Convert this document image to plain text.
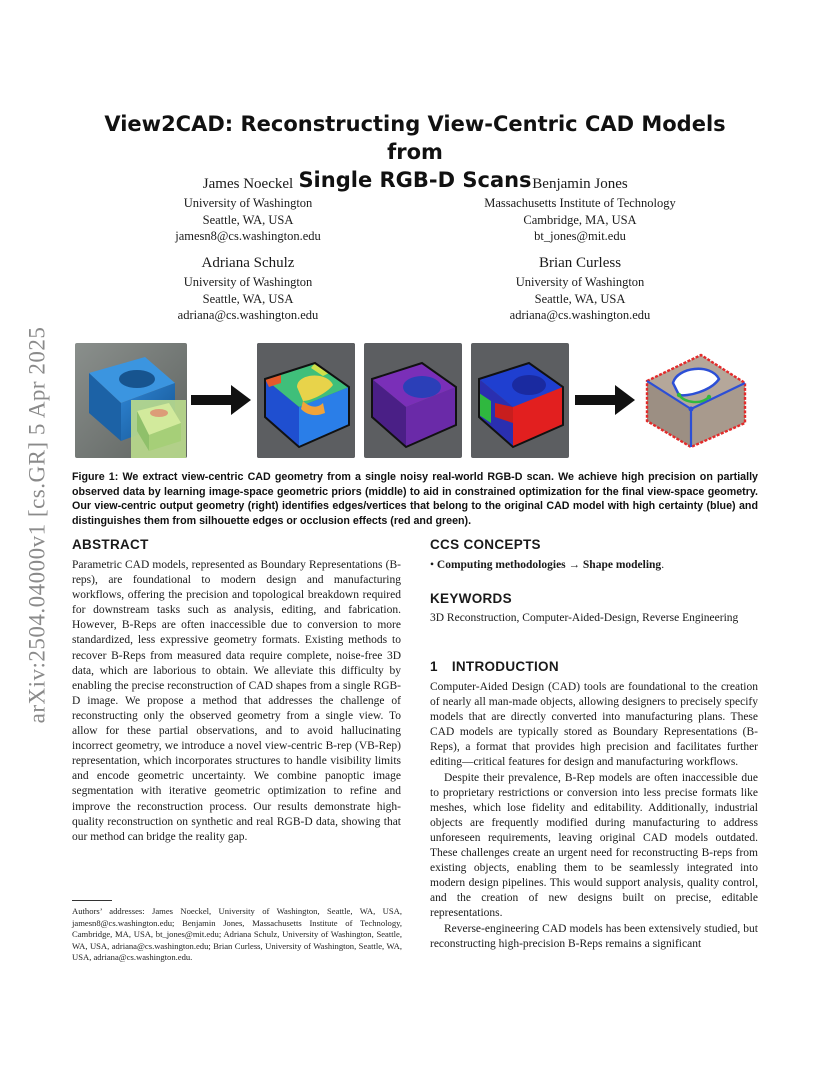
arXiv:2504.04000v1 [cs.GR] 5 Apr 2025
View2CAD: Reconstructing View-Centric CAD Models from
Single RGB-D Scans
James Noeckel
University of Washington
Seattle, WA, USA
jamesn8@cs.washington.edu
Benjamin Jones
Massachusetts Institute of Technology
Cambridge, MA, USA
bt_jones@mit.edu
Adriana Schulz
University of Washington
Seattle, WA, USA
adriana@cs.washington.edu
Brian Curless
University of Washington
Seattle, WA, USA
adriana@cs.washington.edu
Figure 1: We extract view-centric CAD geometry from a single noisy real-world RGB-D scan. We achieve high precision on partially observed data by learning image-space geometric priors (middle) to aid in constrained optimization for the final view-space geometry. Our view-centric output geometry (right) identifies edges/vertices that belong to the original CAD model with high certainty (blue) and distinguishes them from silhouette edges or occlusion effects (red and green).
ABSTRACT

Parametric CAD models, represented as Boundary Representations (B-reps), are foundational to modern design and manufacturing workflows, offering the precision and topological breakdown required for downstream tasks such as analysis, editing, and fabrication. However, B-Reps are often inaccessible due to conversion to more standardized, less expressive geometry formats. Existing methods to recover B-Reps from measured data require complete, noise-free 3D data, which are laborious to obtain. We alleviate this difficulty by enabling the precise reconstruction of CAD shapes from a single RGB-D image. We propose a method that addresses the challenge of reconstructing only the observed geometry from a single view. To allow for these partial observations, and to avoid hallucinating incorrect geometry, we introduce a novel view-centric B-rep (VB-Rep) representation, which incorporates structures to handle visibility limits and encode geometric uncertainty. We combine panoptic image segmentation with iterative geometric optimization to refine and improve the reconstruction process. Our results demonstrate high-quality reconstruction on synthetic and real RGB-D data, showing that our method can bridge the reality gap.

Authors’ addresses: James Noeckel, University of Washington, Seattle, WA, USA, jamesn8@cs.washington.edu; Benjamin Jones, Massachusetts Institute of Technology, Cambridge, MA, USA, bt_jones@mit.edu; Adriana Schulz, University of Washington, Seattle, WA, USA, adriana@cs.washington.edu; Brian Curless, University of Washington, Seattle, WA, USA, adriana@cs.washington.edu.
CCS CONCEPTS
• Computing methodologies → Shape modeling.
KEYWORDS
3D Reconstruction, Computer-Aided-Design, Reverse Engineering
1 INTRODUCTION

Computer-Aided Design (CAD) tools are foundational to the creation of nearly all man-made objects, allowing designers to precisely specify models that are directly converted into manufacturing plans. These CAD models are typically stored as Boundary Representations (B-Reps), a format that provides high precision and facilitates further editing—critical features for design and manufacturing workflows.

Despite their prevalence, B-Rep models are often inaccessible due to proprietary restrictions or conversion into less precise formats like meshes, which lose fidelity and editability. Additionally, industrial objects are frequently modified during manufacturing to address unforeseen requirements, leaving original CAD models outdated. These challenges create an urgent need for reconstructing B-reps from existing objects, enabling them to be seamlessly integrated into modern design pipelines. This would support analysis, quality control, and the creation of new designs built on precise, editable representations.

Reverse-engineering CAD models has been extensively studied, but reconstructing high-precision B-Reps remains a significant
